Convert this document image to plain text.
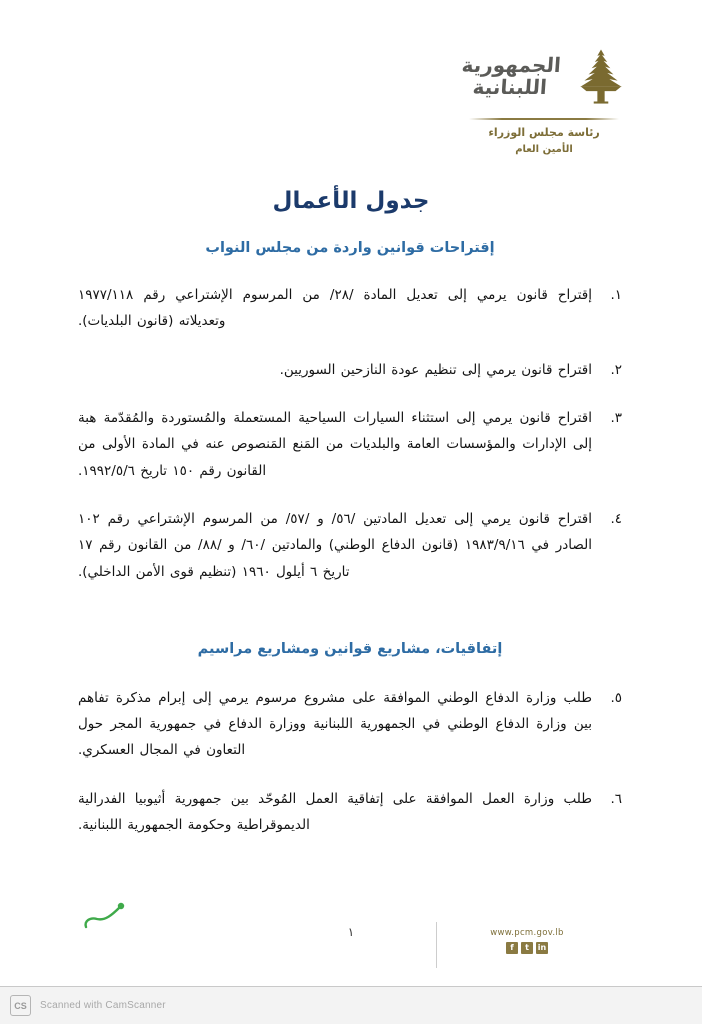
الجمهورية
اللبنانية
رئاسة مجلس الوزراء
الأمين العام
جدول الأعمال
إقتراحات قوانين واردة من مجلس النواب
١.
إقتراح قانون يرمي إلى تعديل المادة /٢٨/ من المرسوم الإشتراعي رقم ١٩٧٧/١١٨ وتعديلاته (قانون البلديات).
٢.
اقتراح قانون يرمي إلى تنظيم عودة النازحين السوريين.
٣.
اقتراح قانون يرمي إلى استثناء السيارات السياحية المستعملة والمُستوردة والمُقدّمة هبة إلى الإدارات والمؤسسات العامة والبلديات من المَنع المَنصوص عنه في المادة الأولى من القانون رقم ١٥٠ تاريخ ١٩٩٢/٥/٦.
٤.
اقتراح قانون يرمي إلى تعديل المادتين /٥٦/ و /٥٧/ من المرسوم الإشتراعي رقم ١٠٢ الصادر في ١٩٨٣/٩/١٦ (قانون الدفاع الوطني) والمادتين /٦٠/ و /٨٨/ من القانون رقم ١٧ تاريخ ٦ أيلول ١٩٦٠ (تنظيم قوى الأمن الداخلي).
إتفاقيات، مشاريع قوانين ومشاريع مراسيم
٥.
طلب وزارة الدفاع الوطني الموافقة على مشروع مرسوم يرمي إلى إبرام مذكرة تفاهم بين وزارة الدفاع الوطني في الجمهورية اللبنانية ووزارة الدفاع في جمهورية المجر حول التعاون في المجال العسكري.
٦.
طلب وزارة العمل الموافقة على إتفاقية العمل المُوحّد بين جمهورية أثيوبيا الفدرالية الديموقراطية وحكومة الجمهورية اللبنانية.
١	www.pcm.gov.lb
f	t	in
CS	Scanned with CamScanner
